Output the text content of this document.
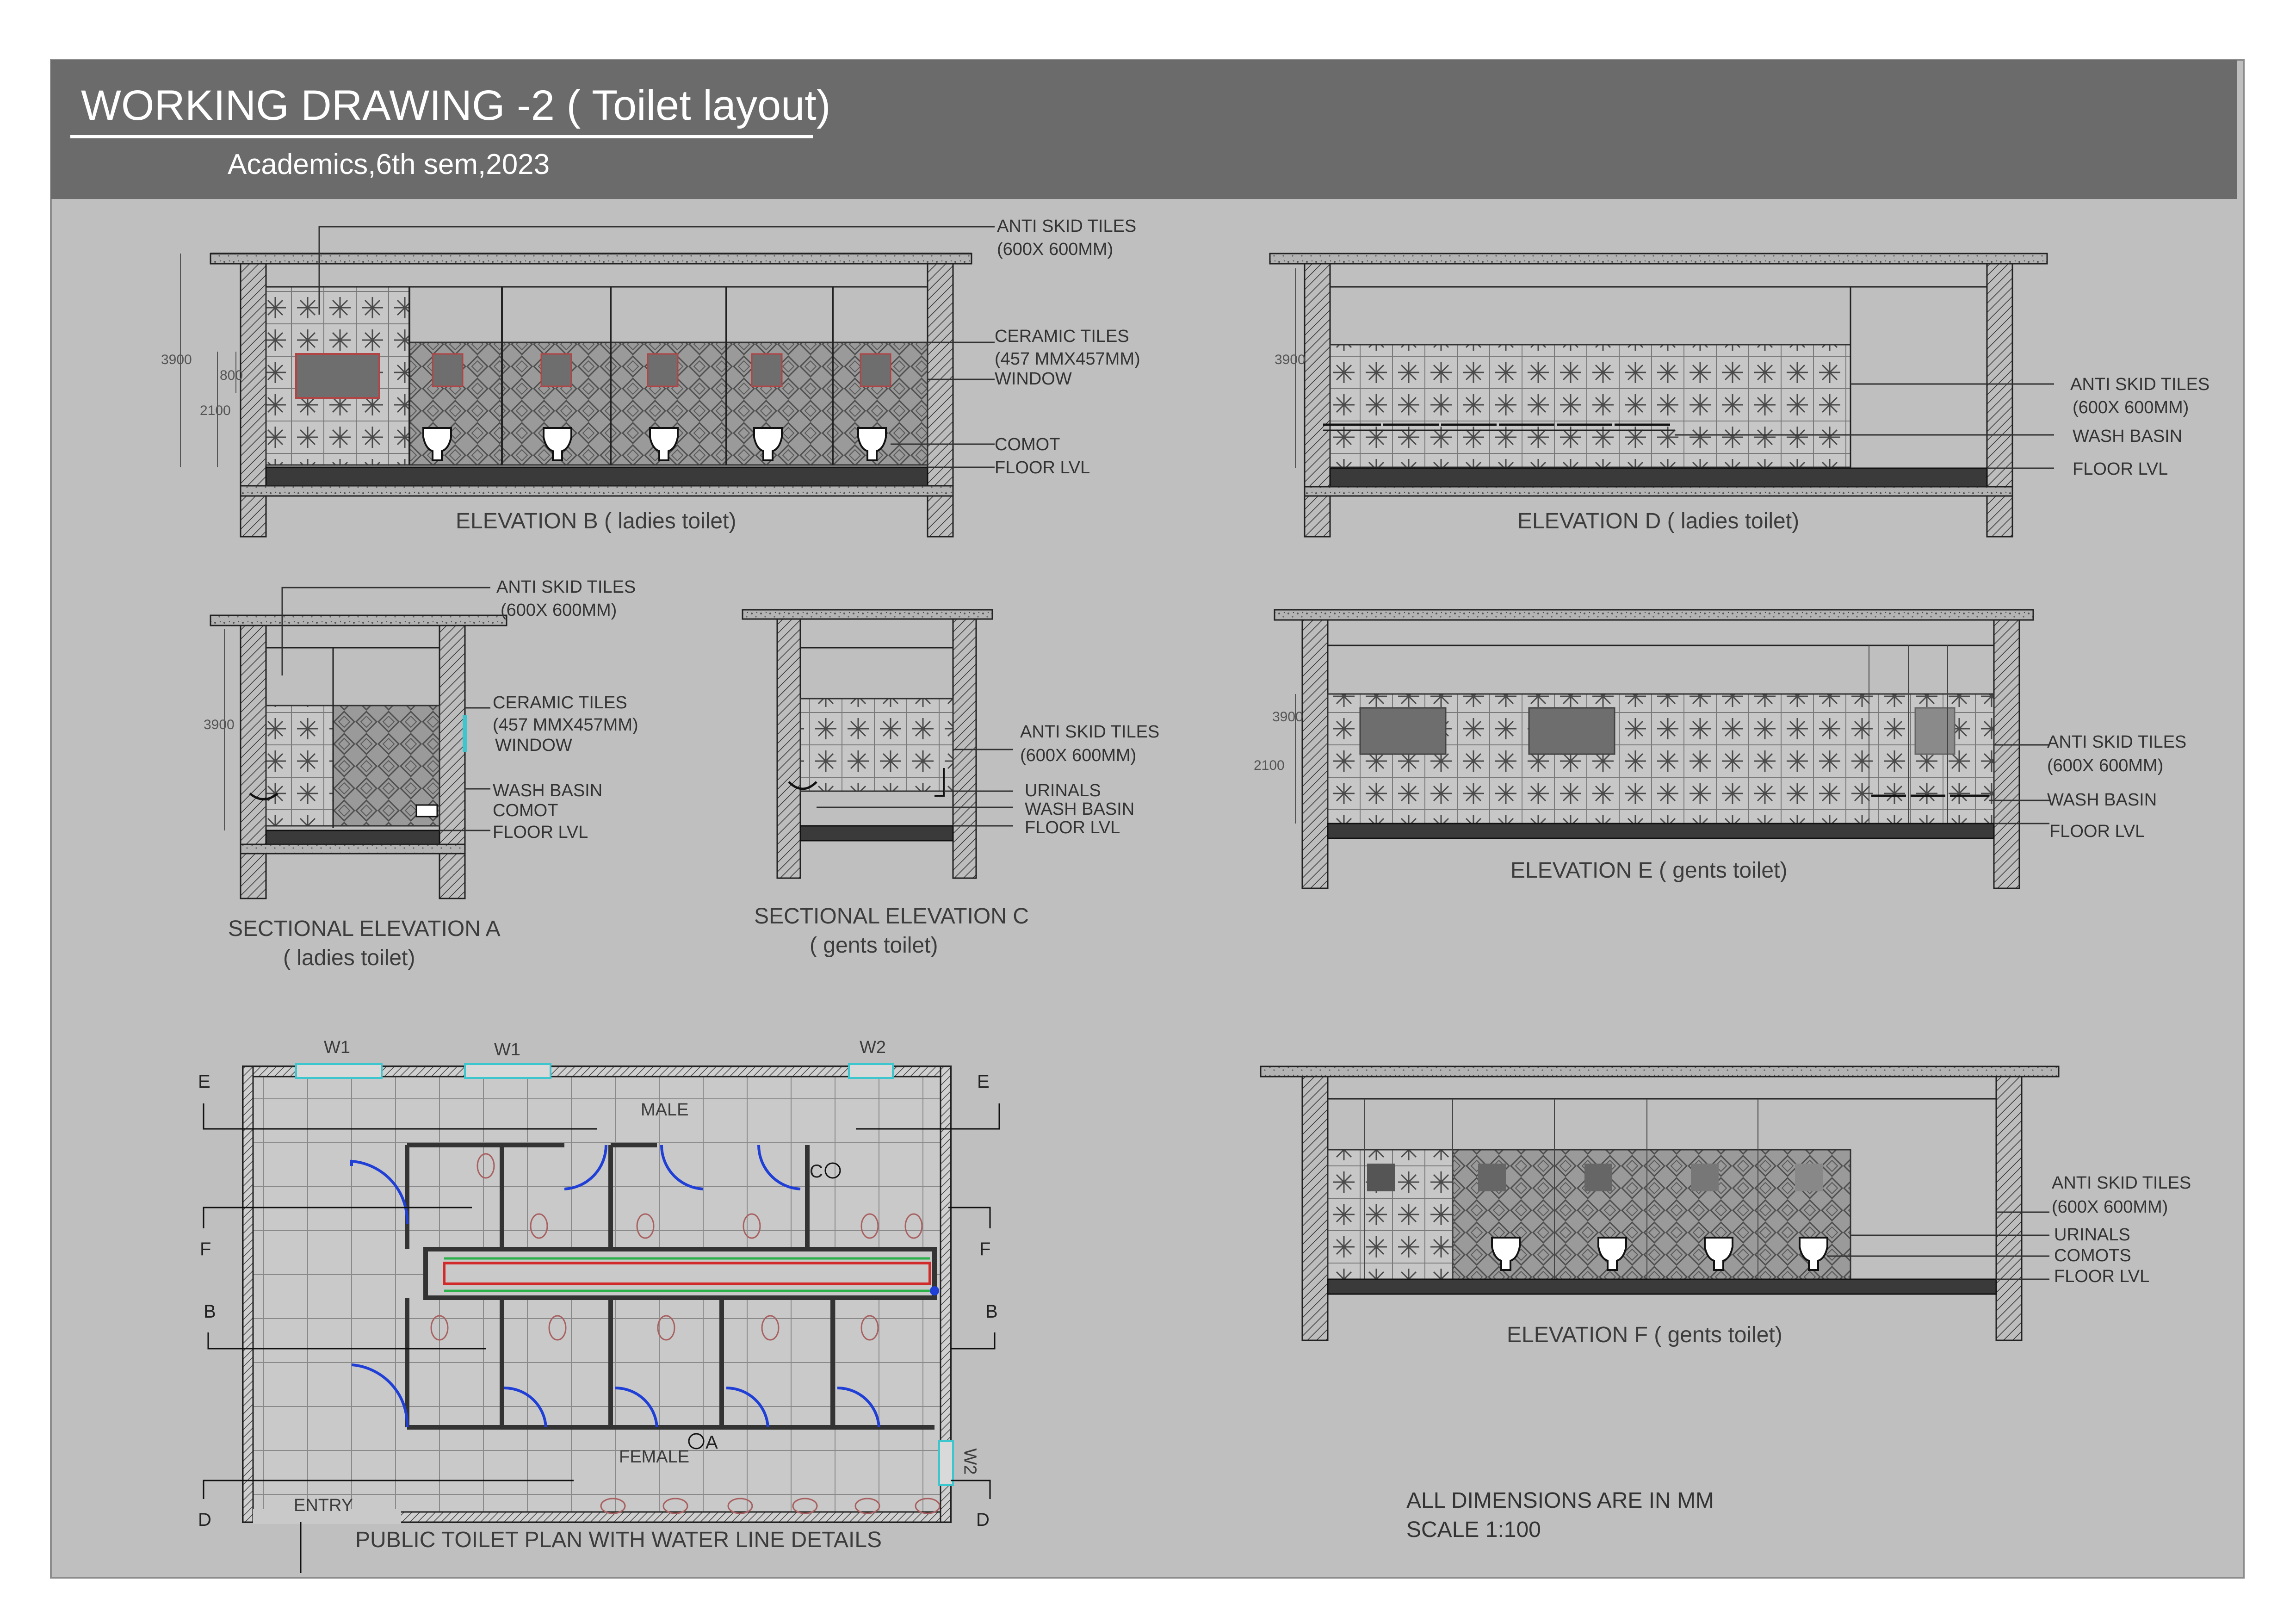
WORKING DRAWING -2 ( Toilet layout)
Academics,6th sem,2023
ELEVATION B ( ladies toilet)
3900
800
2100
ANTI SKID TILES
(600X 600MM)
CERAMIC TILES
(457 MMX457MM)
WINDOW
COMOT
FLOOR LVL
ELEVATION D ( ladies toilet)
3900
ANTI SKID TILES
(600X 600MM)
WASH BASIN
FLOOR LVL
SECTIONAL ELEVATION A
( ladies toilet)
3900
ANTI SKID TILES
(600X 600MM)
CERAMIC TILES
(457 MMX457MM)
WINDOW
WASH BASIN
COMOT
FLOOR LVL
SECTIONAL ELEVATION C
( gents toilet)
ANTI SKID TILES
(600X 600MM)
URINALS
WASH BASIN
FLOOR LVL
ELEVATION E ( gents toilet)
3900
2100
ANTI SKID TILES
(600X 600MM)
WASH BASIN
FLOOR LVL
ELEVATION F ( gents toilet)
ANTI SKID TILES
(600X 600MM)
URINALS
COMOTS
FLOOR LVL
PUBLIC TOILET PLAN WITH WATER LINE DETAILS
W1	W1	W2
W2
MALE
FEMALE
ENTRY
E	E
F	F
B	B
D	D
C
A
ALL DIMENSIONS ARE IN MM
SCALE 1:100
